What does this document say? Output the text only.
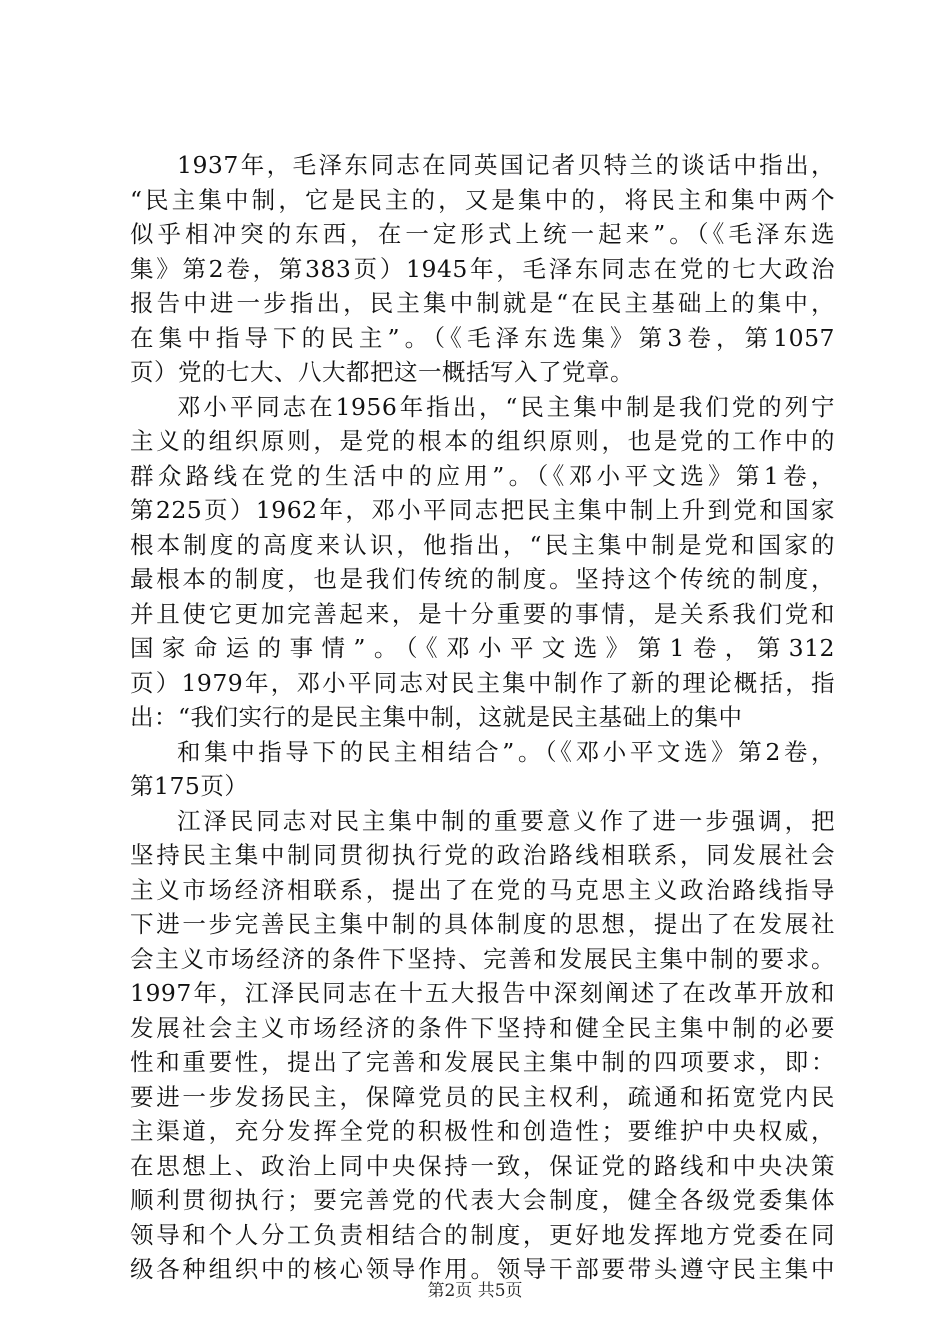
1937年，毛泽东同志在同英国记者贝特兰的谈话中指出，
“民主集中制，它是民主的，又是集中的，将民主和集中两个
似乎相冲突的东西，在一定形式上统一起来”。（《毛泽东选
集》第2卷，第383页）1945年，毛泽东同志在党的七大政治
报告中进一步指出，民主集中制就是“在民主基础上的集中，
在集中指导下的民主”。（《毛泽东选集》第3卷，第1057
页）党的七大、八大都把这一概括写入了党章。
邓小平同志在1956年指出，“民主集中制是我们党的列宁
主义的组织原则，是党的根本的组织原则，也是党的工作中的
群众路线在党的生活中的应用”。（《邓小平文选》第1卷，
第225页）1962年，邓小平同志把民主集中制上升到党和国家
根本制度的高度来认识，他指出，“民主集中制是党和国家的
最根本的制度，也是我们传统的制度。坚持这个传统的制度，
并且使它更加完善起来，是十分重要的事情，是关系我们党和
国家命运的事情”。（《邓小平文选》第1卷，第312
页）1979年，邓小平同志对民主集中制作了新的理论概括，指
出：“我们实行的是民主集中制，这就是民主基础上的集中
和集中指导下的民主相结合”。（《邓小平文选》第2卷，
第175页）
江泽民同志对民主集中制的重要意义作了进一步强调，把
坚持民主集中制同贯彻执行党的政治路线相联系，同发展社会
主义市场经济相联系，提出了在党的马克思主义政治路线指导
下进一步完善民主集中制的具体制度的思想，提出了在发展社
会主义市场经济的条件下坚持、完善和发展民主集中制的要求。
1997年，江泽民同志在十五大报告中深刻阐述了在改革开放和
发展社会主义市场经济的条件下坚持和健全民主集中制的必要
性和重要性，提出了完善和发展民主集中制的四项要求，即：
要进一步发扬民主，保障党员的民主权利，疏通和拓宽党内民
主渠道，充分发挥全党的积极性和创造性；要维护中央权威，
在思想上、政治上同中央保持一致，保证党的路线和中央决策
顺利贯彻执行；要完善党的代表大会制度，健全各级党委集体
领导和个人分工负责相结合的制度，更好地发挥地方党委在同
级各种组织中的核心领导作用。领导干部要带头遵守民主集中
第2页 共5页
